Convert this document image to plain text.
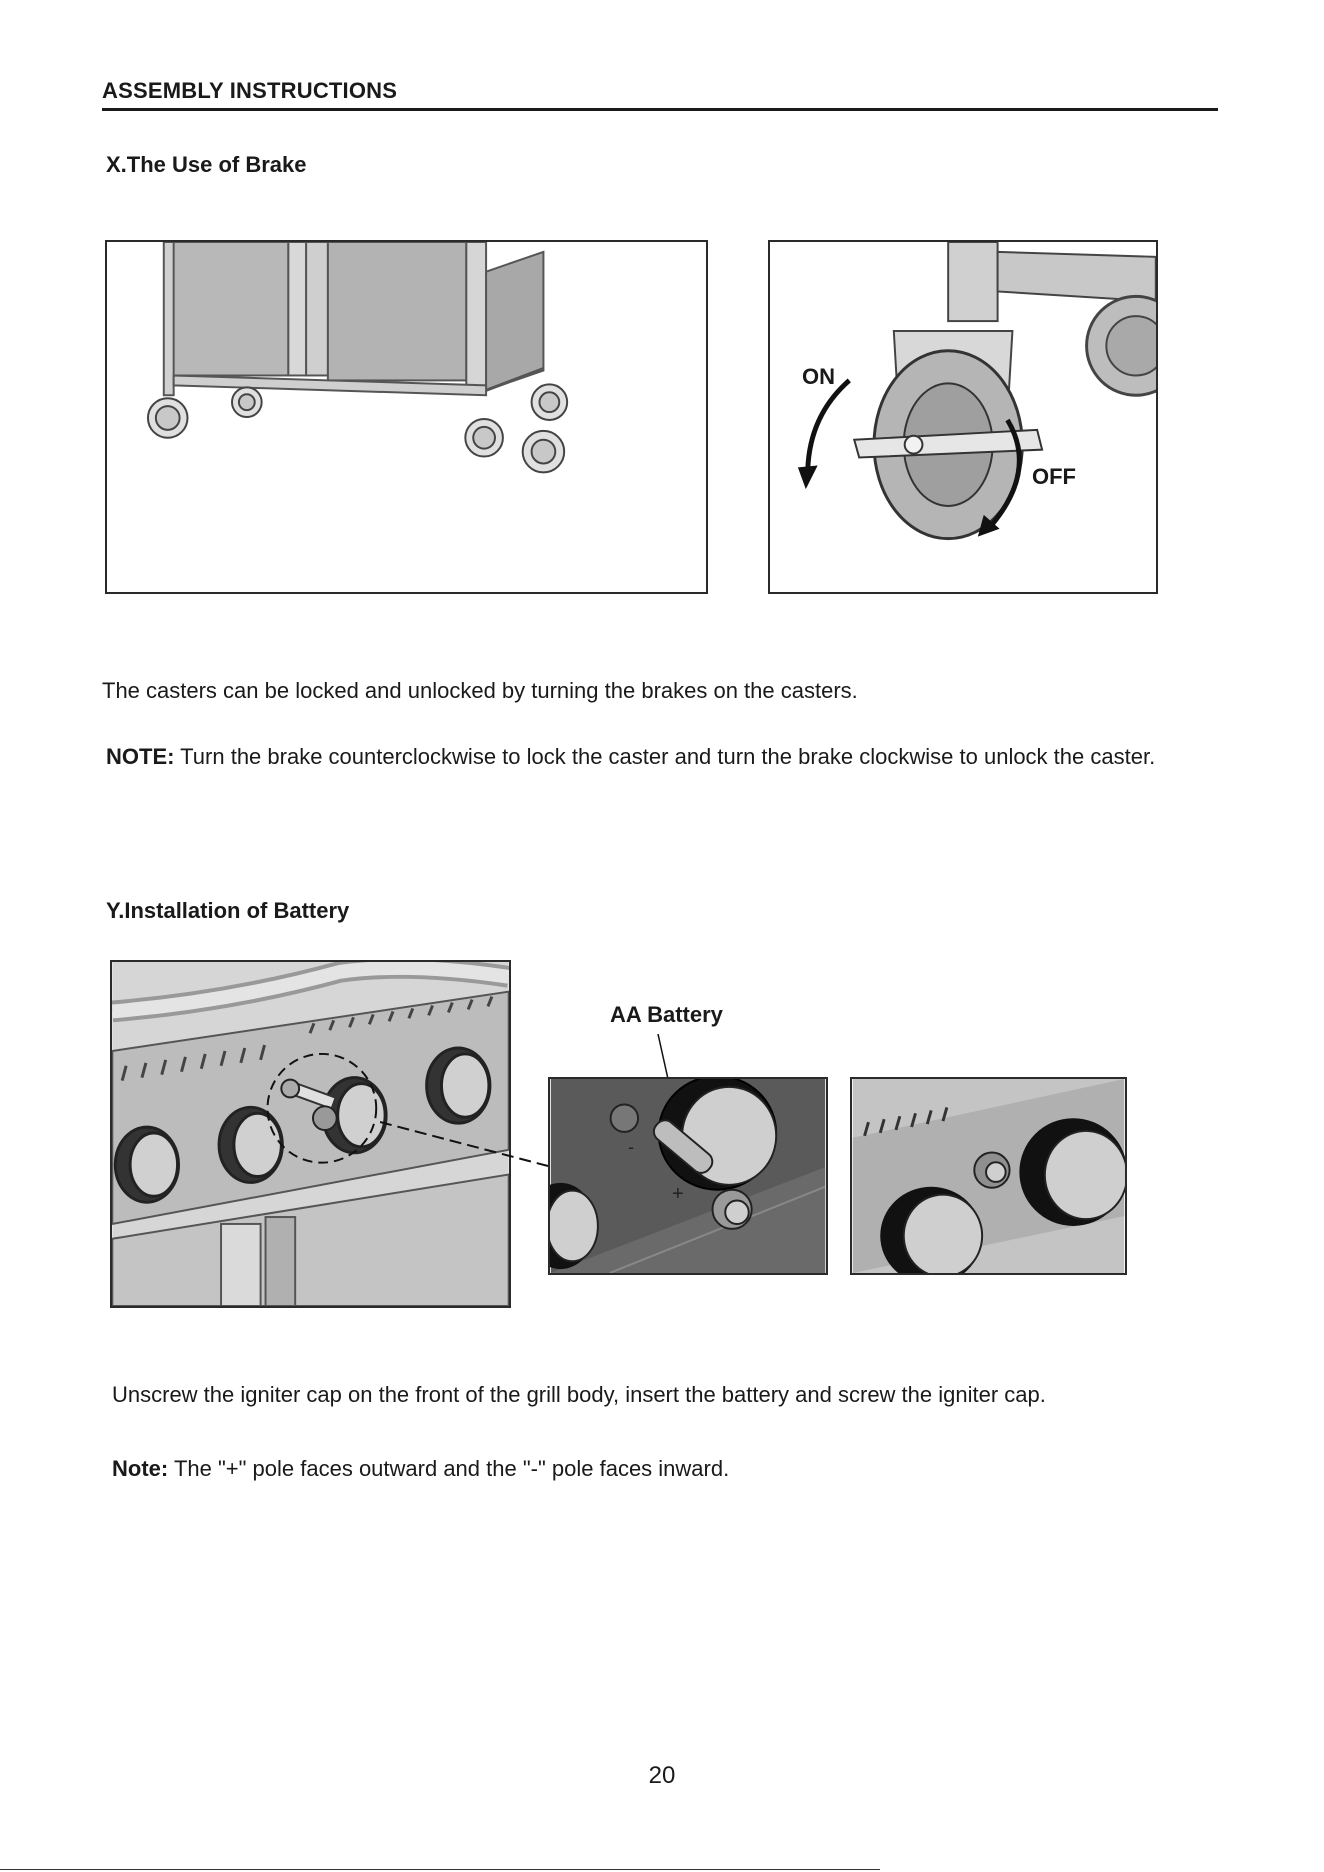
ASSEMBLY INSTRUCTIONS
X.The Use of Brake
ON
OFF
The casters can be locked and unlocked by turning the brakes on the casters.
NOTE: Turn the brake counterclockwise to lock the caster and turn the brake clockwise to unlock the caster.
Y.Installation of Battery
AA Battery
-
+
Unscrew the igniter cap on the front of the grill body, insert the battery and screw the igniter cap.
Note: The "+" pole faces outward and the "-" pole faces inward.
20
